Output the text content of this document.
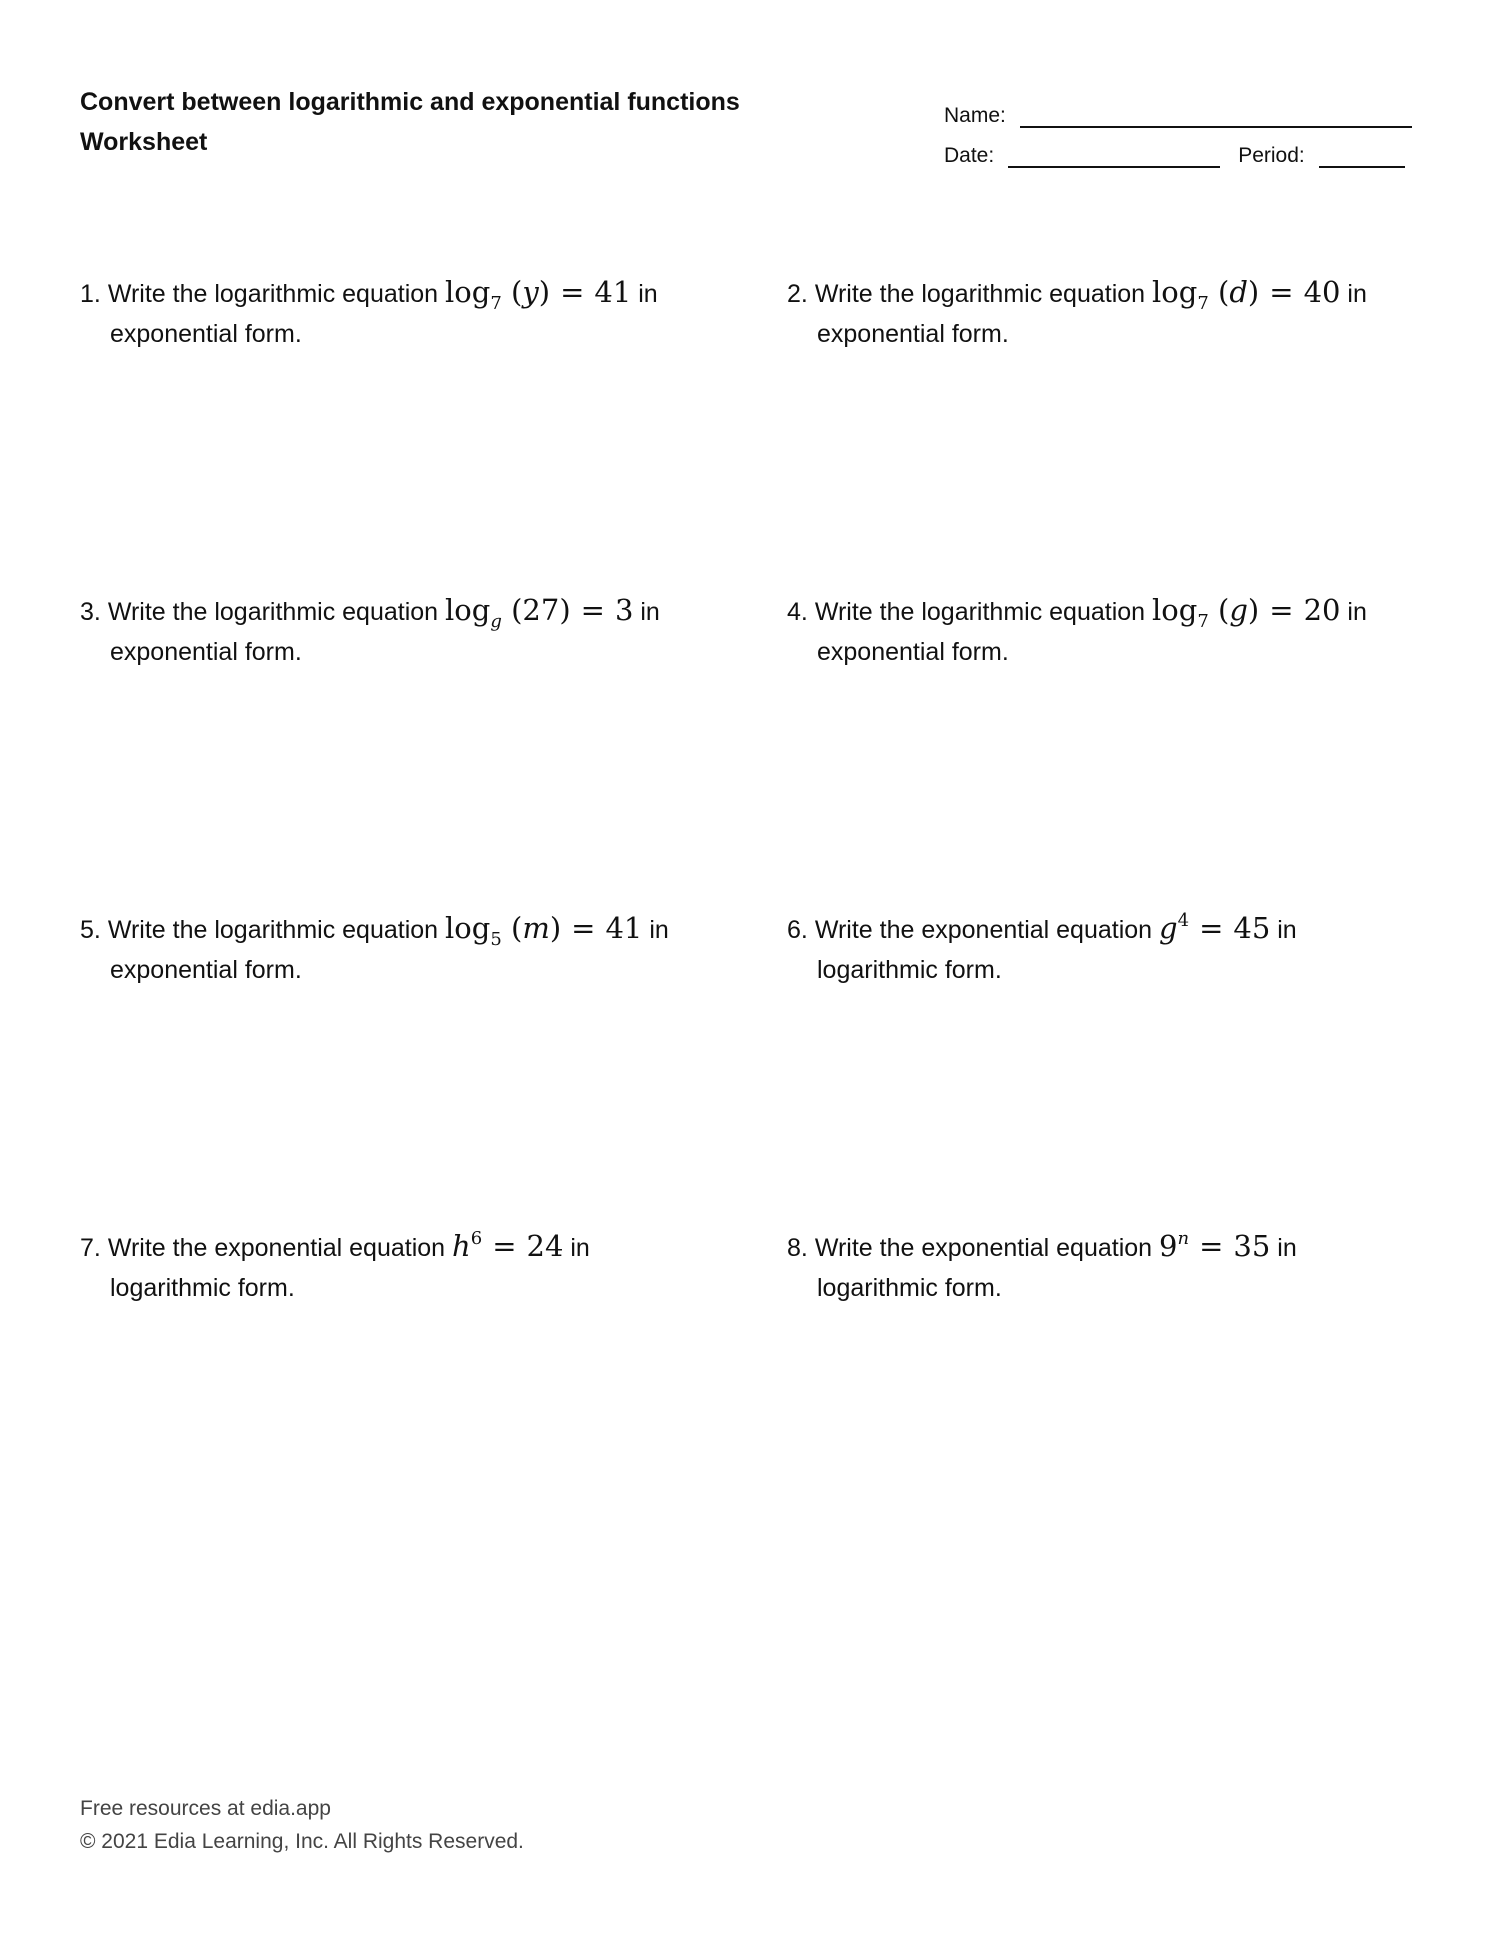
Convert between logarithmic and exponential functions
Worksheet
Name:
Date:	Period:
1. Write the logarithmic equation $\log_7 (y) = 41$ in
exponential form.
2. Write the logarithmic equation $\log_7 (d) = 40$ in
exponential form.
3. Write the logarithmic equation $\log_g (27) = 3$ in
exponential form.
4. Write the logarithmic equation $\log_7 (g) = 20$ in
exponential form.
5. Write the logarithmic equation $\log_5 (m) = 41$ in
exponential form.
6. Write the exponential equation $g^4 = 45$ in
logarithmic form.
7. Write the exponential equation $h^6 = 24$ in
logarithmic form.
8. Write the exponential equation $9^n = 35$ in
logarithmic form.
Free resources at edia.app
© 2021 Edia Learning, Inc. All Rights Reserved.
